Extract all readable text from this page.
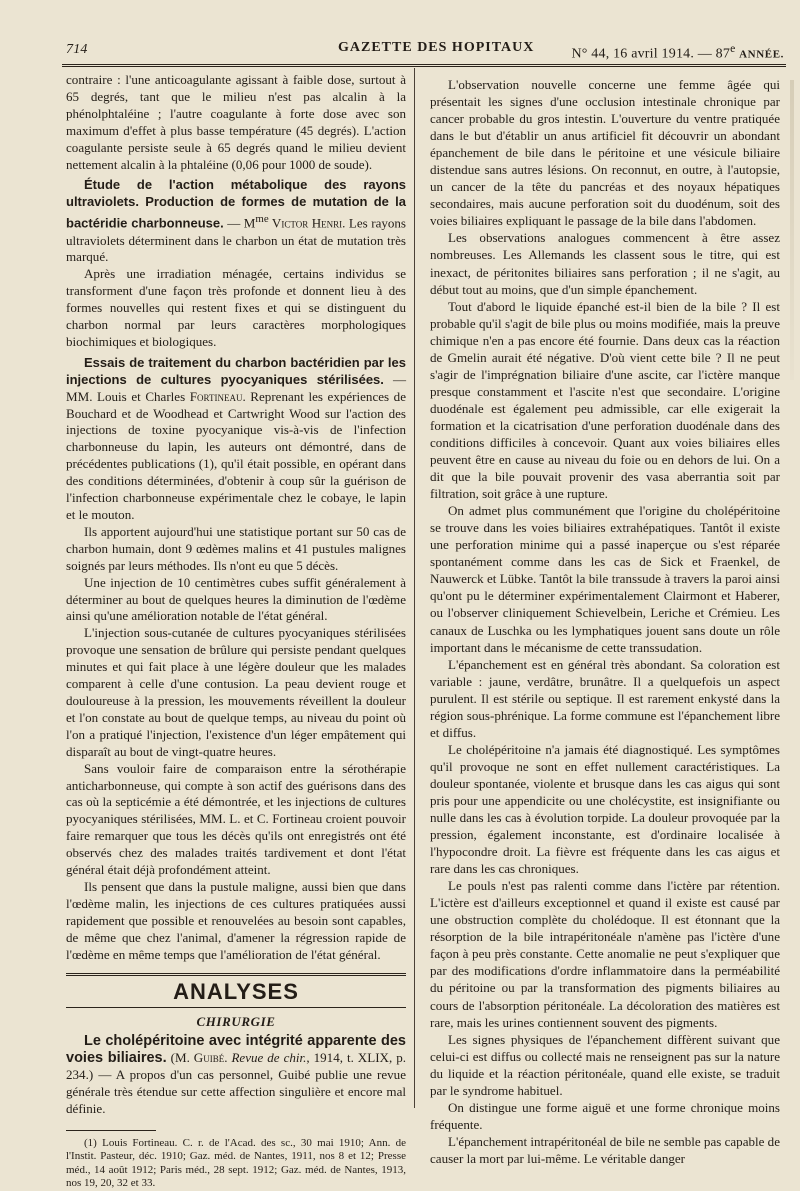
714	GAZETTE DES HOPITAUX	N° 44, 16 avril 1914. — 87e ANNÉE.

contraire : l'une anticoagulante agissant à faible dose, surtout à 65 degrés, tant que le milieu n'est pas alcalin à la phénolphtaléine ; l'autre coagulante à forte dose avec son maximum d'effet à plus basse température (45 degrés). L'action coagulante persiste seule à 65 degrés quand le milieu devient nettement alcalin à la phtaléine (0,06 pour 1000 de soude).

Étude de l'action métabolique des rayons ultraviolets. Production de formes de mutation de la bactéridie charbonneuse. — $M^{me}$ Victor Henri. Les rayons ultraviolets déterminent dans le charbon un état de mutation très marqué.

Après une irradiation ménagée, certains individus se transforment d'une façon très profonde et donnent lieu à des formes nouvelles qui restent fixes et qui se distinguent du charbon normal par leurs caractères morphologiques biochimiques et biologiques.

Essais de traitement du charbon bactéridien par les injections de cultures pyocyaniques stérilisées. — MM. Louis et Charles Fortineau. Reprenant les expériences de Bouchard et de Woodhead et Cartwright Wood sur l'action des injections de toxine pyocyanique vis-à-vis de l'infection charbonneuse du lapin, les auteurs ont démontré, dans de précédentes publications (1), qu'il était possible, en opérant dans des conditions déterminées, d'obtenir à coup sûr la guérison de l'infection charbonneuse expérimentale chez le cobaye, le lapin et le mouton.

Ils apportent aujourd'hui une statistique portant sur 50 cas de charbon humain, dont 9 œdèmes malins et 41 pustules malignes soignés par leurs méthodes. Ils n'ont eu que 5 décès.

Une injection de 10 centimètres cubes suffit généralement à déterminer au bout de quelques heures la diminution de l'œdème ainsi qu'une amélioration notable de l'état général.

L'injection sous-cutanée de cultures pyocyaniques stérilisées provoque une sensation de brûlure qui persiste pendant quelques minutes et qui fait place à une légère douleur que les malades comparent à celle d'une contusion. La peau devient rouge et douloureuse à la pression, les mouvements réveillent la douleur et l'on constate au bout de quelque temps, au niveau du point où l'on a pratiqué l'injection, l'existence d'un léger empâtement qui disparaît au bout de vingt-quatre heures.

Sans vouloir faire de comparaison entre la sérothérapie anticharbonneuse, qui compte à son actif des guérisons dans des cas où la septicémie a été démontrée, et les injections de cultures pyocyaniques stérilisées, MM. L. et C. Fortineau croient pouvoir faire remarquer que tous les décès qu'ils ont enregistrés ont été observés chez des malades traités tardivement et dont l'état général était déjà profondément atteint.

Ils pensent que dans la pustule maligne, aussi bien que dans l'œdème malin, les injections de ces cultures pratiquées aussi rapidement que possible et renouvelées au besoin sont capables, de même que chez l'animal, d'amener la régression rapide de l'œdème en même temps que l'amélioration de l'état général.

ANALYSES
CHIRURGIE

Le cholépéritoine avec intégrité apparente des voies biliaires. (M. Guibé. Revue de chir., 1914, t. XLIX, p. 234.) — A propos d'un cas personnel, Guibé publie une revue générale très étendue sur cette affection singulière et encore mal définie.

(1) Louis Fortineau. C. r. de l'Acad. des sc., 30 mai 1910; Ann. de l'Instit. Pasteur, déc. 1910; Gaz. méd. de Nantes, 1911, nos 8 et 12; Presse méd., 14 août 1912; Paris méd., 28 sept. 1912; Gaz. méd. de Nantes, 1913, nos 19, 20, 32 et 33.

L'observation nouvelle concerne une femme âgée qui présentait les signes d'une occlusion intestinale chronique par cancer probable du gros intestin. L'ouverture du ventre pratiquée dans le but d'établir un anus artificiel fit découvrir un abondant épanchement de bile dans le péritoine et une vésicule biliaire distendue sans autres lésions. On reconnut, en outre, à l'autopsie, un cancer de la tête du pancréas et des noyaux hépatiques secondaires, mais aucune perforation soit du duodénum, soit des voies biliaires expliquant le passage de la bile dans l'abdomen.

Les observations analogues commencent à être assez nombreuses. Les Allemands les classent sous le titre, qui est inexact, de péritonites biliaires sans perforation ; il ne s'agit, au début tout au moins, que d'un simple épanchement.

Tout d'abord le liquide épanché est-il bien de la bile ? Il est probable qu'il s'agit de bile plus ou moins modifiée, mais la preuve chimique n'en a pas encore été fournie. Dans deux cas la réaction de Gmelin aurait été négative. D'où vient cette bile ? Il ne peut s'agir de l'imprégnation biliaire d'une ascite, car l'ictère manque presque constamment et l'ascite n'est que secondaire. L'origine duodénale est également peu admissible, car elle exigerait la formation et la cicatrisation d'une perforation duodénale dans des conditions difficiles à concevoir. Quant aux voies biliaires elles peuvent être en cause au niveau du foie ou en dehors de lui. On a dit que la bile pouvait provenir des vasa aberrantia soit par filtration, soit grâce à une rupture.

On admet plus communément que l'origine du cholépéritoine se trouve dans les voies biliaires extrahépatiques. Tantôt il existe une perforation minime qui a passé inaperçue ou s'est réparée spontanément comme dans les cas de Sick et Fraenkel, de Nauwerck et Lübke. Tantôt la bile transsude à travers la paroi ainsi qu'ont pu le déterminer expérimentalement Clairmont et Haberer, ou l'observer cliniquement Schievelbein, Leriche et Crémieu. Les canaux de Luschka ou les lymphatiques jouent sans doute un rôle important dans le mécanisme de cette transsudation.

L'épanchement est en général très abondant. Sa coloration est variable : jaune, verdâtre, brunâtre. Il a quelquefois un aspect purulent. Il est stérile ou septique. Il est rarement enkysté dans la région sous-phrénique. La forme commune est l'épanchement libre et diffus.

Le cholépéritoine n'a jamais été diagnostiqué. Les symptômes qu'il provoque ne sont en effet nullement caractéristiques. La douleur spontanée, violente et brusque dans les cas aigus qui sont pris pour une appendicite ou une cholécystite, est insignifiante ou nulle dans les cas à évolution torpide. La douleur provoquée par la pression, également inconstante, est d'ordinaire localisée à l'hypocondre droit. La fièvre est fréquente dans les cas aigus et rare dans les cas chroniques.

Le pouls n'est pas ralenti comme dans l'ictère par rétention. L'ictère est d'ailleurs exceptionnel et quand il existe est causé par une obstruction complète du cholédoque. Il est étonnant que la résorption de la bile intrapéritonéale n'amène pas l'ictère d'une façon à peu près constante. Cette anomalie ne peut s'expliquer que par des modifications d'ordre inflammatoire dans la perméabilité du péritoine ou par la transformation des pigments biliaires au cours de l'absorption péritonéale. La décoloration des matières est rare, mais les urines contiennent souvent des pigments.

Les signes physiques de l'épanchement diffèrent suivant que celui-ci est diffus ou collecté mais ne renseignent pas sur la nature du liquide et la réaction péritonéale, quand elle existe, se traduit par le syndrome habituel.

On distingue une forme aiguë et une forme chronique moins fréquente.

L'épanchement intrapéritonéal de bile ne semble pas capable de causer la mort par lui-même. Le véritable danger
